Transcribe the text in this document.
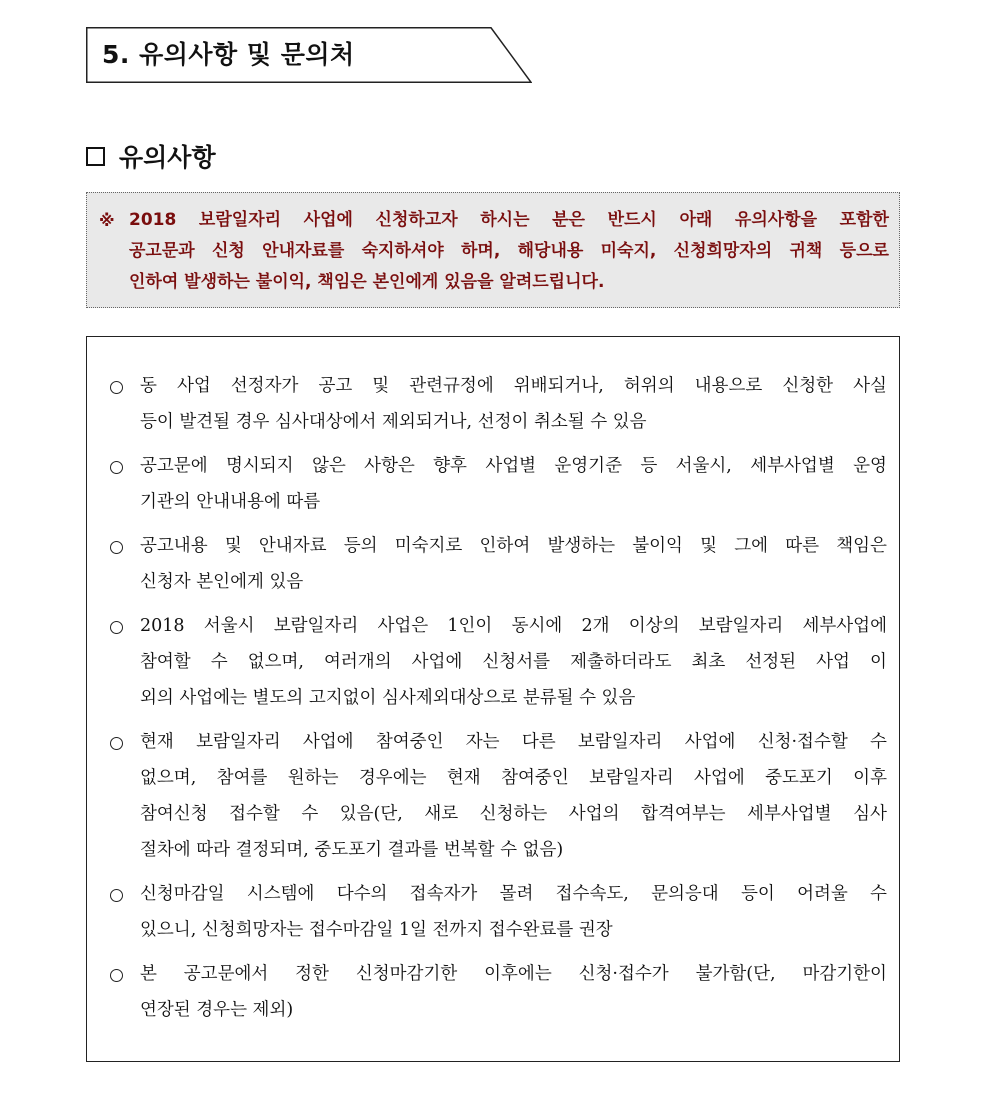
5. 유의사항 및 문의처
유의사항
※ 2018 보람일자리 사업에 신청하고자 하시는 분은 반드시 아래 유의사항을 포함한
공고문과 신청 안내자료를 숙지하셔야 하며, 해당내용 미숙지, 신청희망자의 귀책 등으로
인하여 발생하는 불이익, 책임은 본인에게 있음을 알려드립니다.
동 사업 선정자가 공고 및 관련규정에 위배되거나, 허위의 내용으로 신청한 사실
등이 발견될 경우 심사대상에서 제외되거나, 선정이 취소될 수 있음
공고문에 명시되지 않은 사항은 향후 사업별 운영기준 등 서울시, 세부사업별 운영
기관의 안내내용에 따름
공고내용 및 안내자료 등의 미숙지로 인하여 발생하는 불이익 및 그에 따른 책임은
신청자 본인에게 있음
2018 서울시 보람일자리 사업은 1인이 동시에 2개 이상의 보람일자리 세부사업에
참여할 수 없으며, 여러개의 사업에 신청서를 제출하더라도 최초 선정된 사업 이
외의 사업에는 별도의 고지없이 심사제외대상으로 분류될 수 있음
현재 보람일자리 사업에 참여중인 자는 다른 보람일자리 사업에 신청·접수할 수
없으며, 참여를 원하는 경우에는 현재 참여중인 보람일자리 사업에 중도포기 이후
참여신청 접수할 수 있음(단, 새로 신청하는 사업의 합격여부는 세부사업별 심사
절차에 따라 결정되며, 중도포기 결과를 번복할 수 없음)
신청마감일 시스템에 다수의 접속자가 몰려 접수속도, 문의응대 등이 어려울 수
있으니, 신청희망자는 접수마감일 1일 전까지 접수완료를 권장
본 공고문에서 정한 신청마감기한 이후에는 신청·접수가 불가함(단, 마감기한이
연장된 경우는 제외)
